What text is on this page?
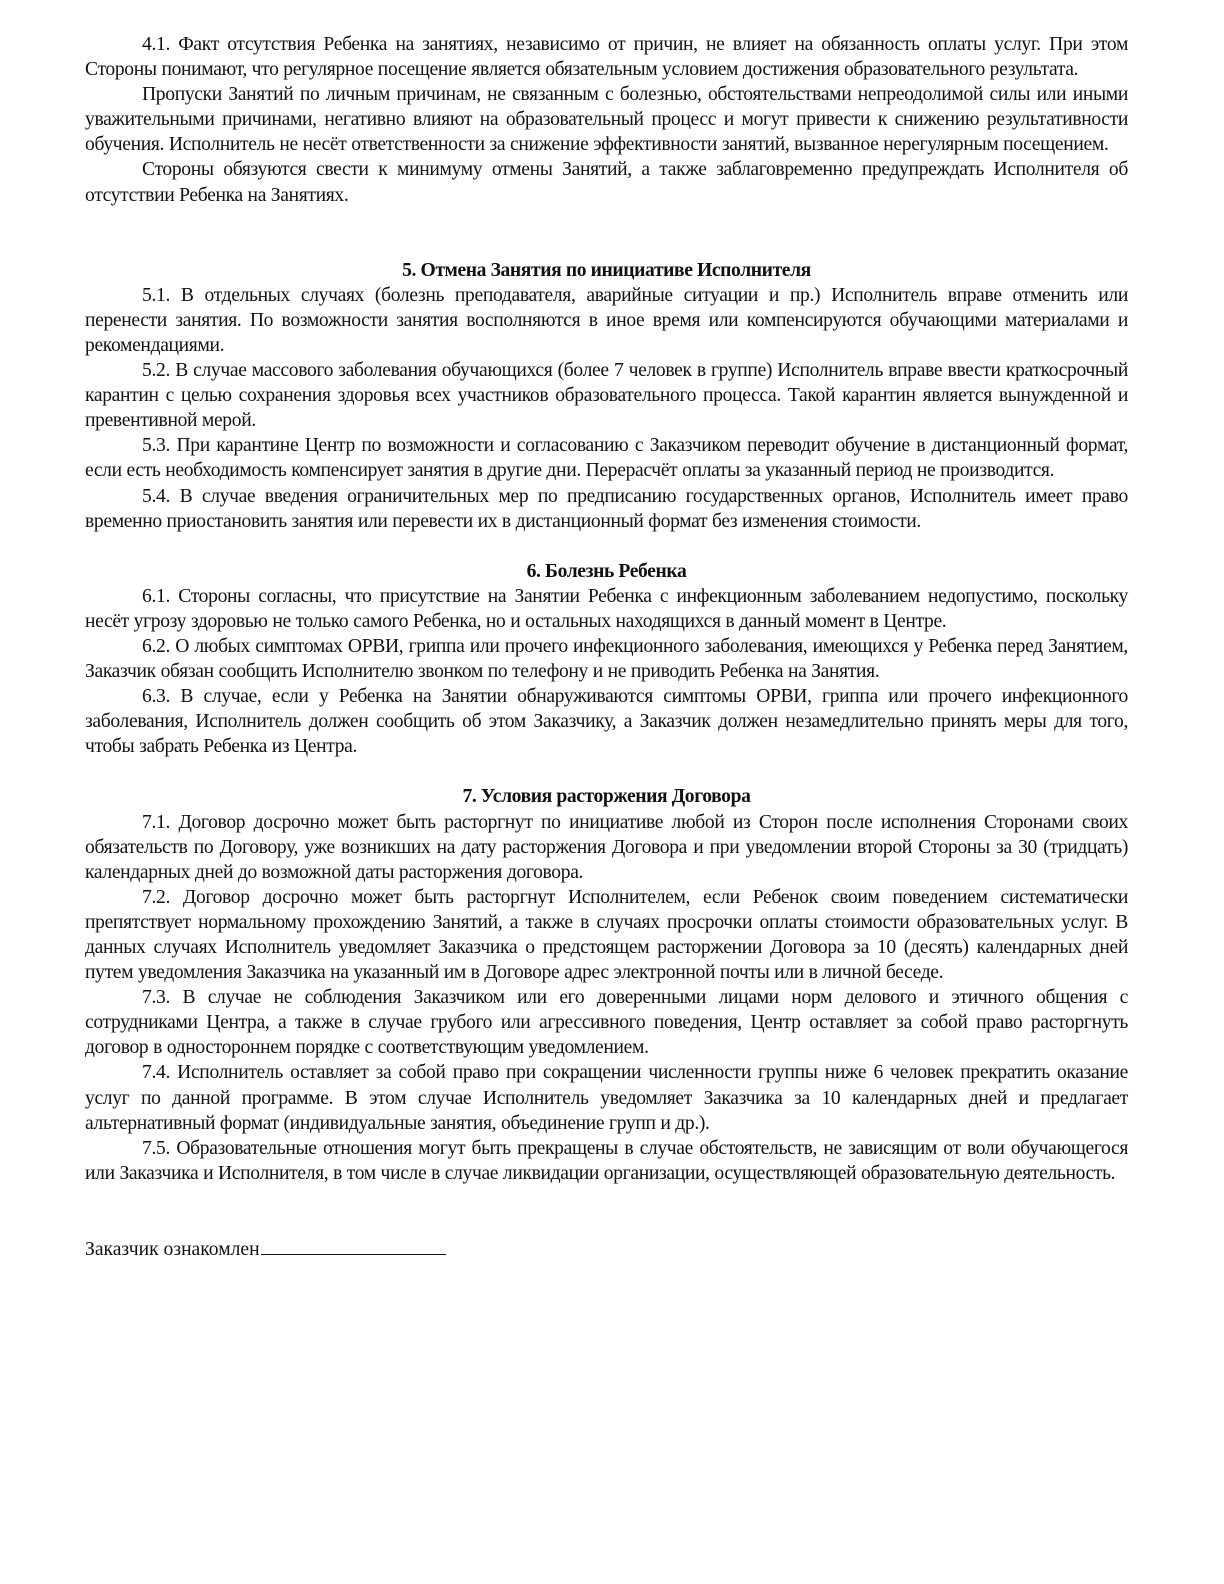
4.1. Факт отсутствия Ребенка на занятиях, независимо от причин, не влияет на обязанность оплаты услуг. При этом Стороны понимают, что регулярное посещение является обязательным условием достижения образовательного результата.

Пропуски Занятий по личным причинам, не связанным с болезнью, обстоятельствами непреодолимой силы или иными уважительными причинами, негативно влияют на образовательный процесс и могут привести к снижению результативности обучения. Исполнитель не несёт ответственности за снижение эффективности занятий, вызванное нерегулярным посещением.

Стороны обязуются свести к минимуму отмены Занятий, а также заблаговременно предупреждать Исполнителя об отсутствии Ребенка на Занятиях.

5. Отмена Занятия по инициативе Исполнителя

5.1. В отдельных случаях (болезнь преподавателя, аварийные ситуации и пр.) Исполнитель вправе отменить или перенести занятия. По возможности занятия восполняются в иное время или компенсируются обучающими материалами и рекомендациями.

5.2. В случае массового заболевания обучающихся (более 7 человек в группе) Исполнитель вправе ввести краткосрочный карантин с целью сохранения здоровья всех участников образовательного процесса. Такой карантин является вынужденной и превентивной мерой.

5.3. При карантине Центр по возможности и согласованию с Заказчиком переводит обучение в дистанционный формат, если есть необходимость компенсирует занятия в другие дни. Перерасчёт оплаты за указанный период не производится.

5.4. В случае введения ограничительных мер по предписанию государственных органов, Исполнитель имеет право временно приостановить занятия или перевести их в дистанционный формат без изменения стоимости.

6. Болезнь Ребенка

6.1. Стороны согласны, что присутствие на Занятии Ребенка с инфекционным заболеванием недопустимо, поскольку несёт угрозу здоровью не только самого Ребенка, но и остальных находящихся в данный момент в Центре.

6.2. О любых симптомах ОРВИ, гриппа или прочего инфекционного заболевания, имеющихся у Ребенка перед Занятием, Заказчик обязан сообщить Исполнителю звонком по телефону и не приводить Ребенка на Занятия.

6.3. В случае, если у Ребенка на Занятии обнаруживаются симптомы ОРВИ, гриппа или прочего инфекционного заболевания, Исполнитель должен сообщить об этом Заказчику, а Заказчик должен незамедлительно принять меры для того, чтобы забрать Ребенка из Центра.

7. Условия расторжения Договора

7.1. Договор досрочно может быть расторгнут по инициативе любой из Сторон после исполнения Сторонами своих обязательств по Договору, уже возникших на дату расторжения Договора и при уведомлении второй Стороны за 30 (тридцать) календарных дней до возможной даты расторжения договора.

7.2. Договор досрочно может быть расторгнут Исполнителем, если Ребенок своим поведением систематически препятствует нормальному прохождению Занятий, а также в случаях просрочки оплаты стоимости образовательных услуг. В данных случаях Исполнитель уведомляет Заказчика о предстоящем расторжении Договора за 10 (десять) календарных дней путем уведомления Заказчика на указанный им в Договоре адрес электронной почты или в личной беседе.

7.3. В случае не соблюдения Заказчиком или его доверенными лицами норм делового и этичного общения с сотрудниками Центра, а также в случае грубого или агрессивного поведения, Центр оставляет за собой право расторгнуть договор в одностороннем порядке с соответствующим уведомлением.

7.4. Исполнитель оставляет за собой право при сокращении численности группы ниже 6 человек прекратить оказание услуг по данной программе. В этом случае Исполнитель уведомляет Заказчика за 10 календарных дней и предлагает альтернативный формат (индивидуальные занятия, объединение групп и др.).

7.5. Образовательные отношения могут быть прекращены в случае обстоятельств, не зависящим от воли обучающегося или Заказчика и Исполнителя, в том числе в случае ликвидации организации, осуществляющей образовательную деятельность.

Заказчик ознакомлен
